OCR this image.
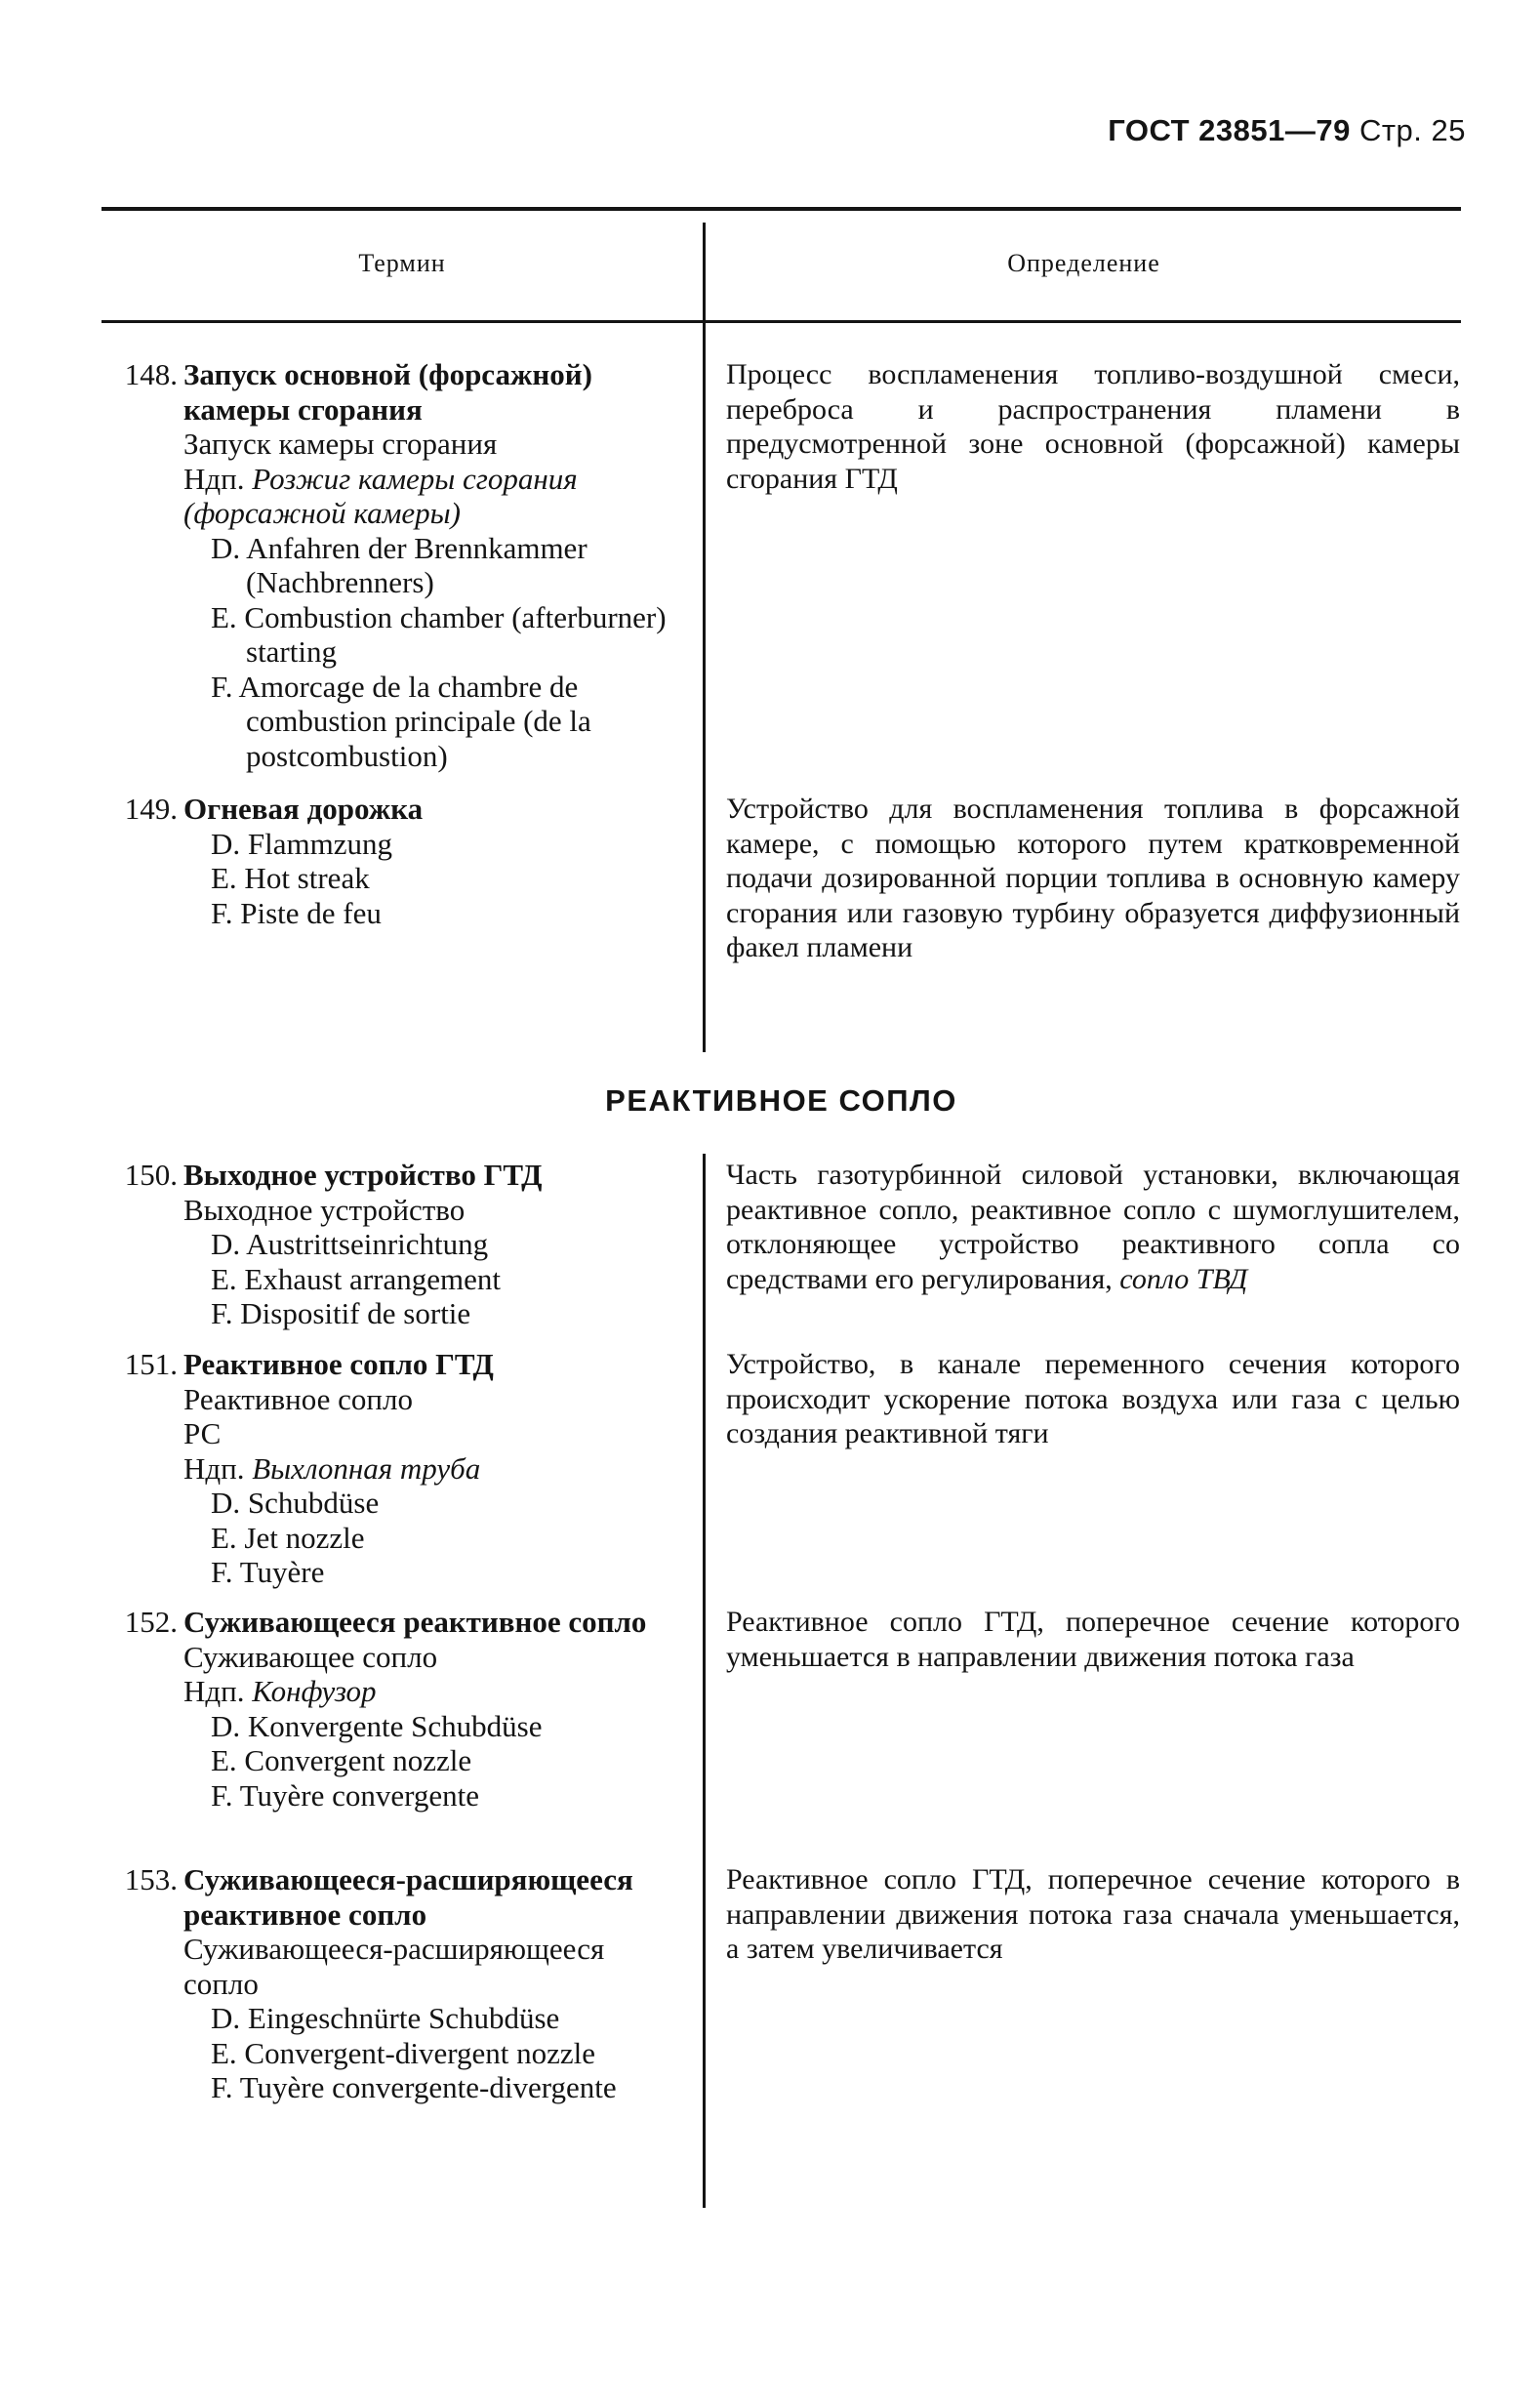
ГОСТ 23851—79 Стр. 25
Термин	Определение
148. Запуск основной (форсажной) камеры сгорания
Запуск камеры сгорания
Ндп. Розжиг камеры сгорания (форсажной камеры)
D. Anfahren der Brennkammer (Nachbrenners)
E. Combustion chamber (afterburner) starting
F. Amorcage de la chambre de combustion principale (de la postcombustion)
Процесс воспламенения топливо-воздушной смеси, переброса и распространения пламени в предусмотренной зоне основной (форсажной) камеры сгорания ГТД
149. Огневая дорожка
D. Flammzung
E. Hot streak
F. Piste de feu
Устройство для воспламенения топлива в форсажной камере, с помощью которого путем кратковременной подачи дозированной порции топлива в основную камеру сгорания или газовую турбину образуется диффузионный факел пламени
РЕАКТИВНОЕ СОПЛО
150. Выходное устройство ГТД
Выходное устройство
D. Austrittseinrichtung
E. Exhaust arrangement
F. Dispositif de sortie
Часть газотурбинной силовой установки, включающая реактивное сопло, реактивное сопло с шумоглушителем, отклоняющее устройство реактивного сопла со средствами его регулирования, сопло ТВД
151. Реактивное сопло ГТД
Реактивное сопло
РС
Ндп. Выхлопная труба
D. Schubdüse
E. Jet nozzle
F. Tuyère
Устройство, в канале переменного сечения которого происходит ускорение потока воздуха или газа с целью создания реактивной тяги
152. Суживающееся реактивное сопло
Суживающее сопло
Ндп. Конфузор
D. Konvergente Schubdüse
E. Convergent nozzle
F. Tuyère convergente
Реактивное сопло ГТД, поперечное сечение которого уменьшается в направлении движения потока газа
153. Суживающееся-расширяющееся реактивное сопло
Суживающееся-расширяющееся сопло
D. Eingeschnürte Schubdüse
E. Convergent-divergent nozzle
F. Tuyère convergente-divergente
Реактивное сопло ГТД, поперечное сечение которого в направлении движения потока газа сначала уменьшается, а затем увеличивается
